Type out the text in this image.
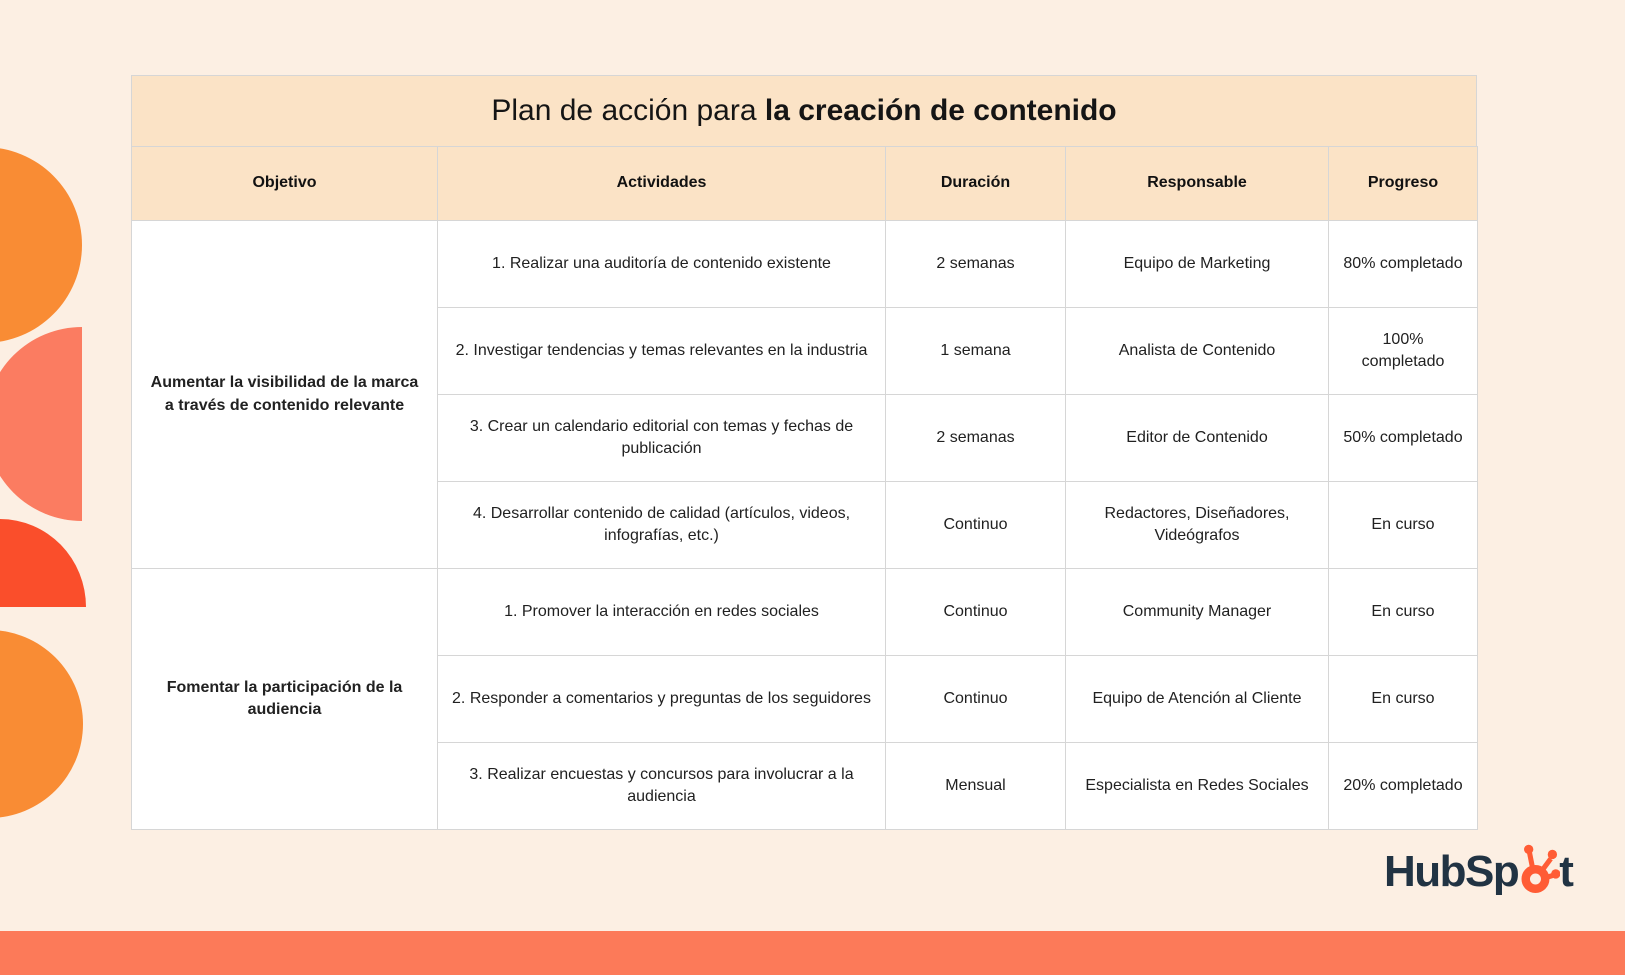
Plan de acción para la creación de contenido
Objetivo	Actividades	Duración	Responsable	Progreso
Aumentar la visibilidad de la marca a través de contenido relevante	1. Realizar una auditoría de contenido existente	2 semanas	Equipo de Marketing	80% completado
	2. Investigar tendencias y temas relevantes en la industria	1 semana	Analista de Contenido	100% completado
	3. Crear un calendario editorial con temas y fechas de publicación	2 semanas	Editor de Contenido	50% completado
	4. Desarrollar contenido de calidad (artículos, videos, infografías, etc.)	Continuo	Redactores, Diseñadores, Videógrafos	En curso
Fomentar la participación de la audiencia	1. Promover la interacción en redes sociales	Continuo	Community Manager	En curso
	2. Responder a comentarios y preguntas de los seguidores	Continuo	Equipo de Atención al Cliente	En curso
	3. Realizar encuestas y concursos para involucrar a la audiencia	Mensual	Especialista en Redes Sociales	20% completado
HubSp t
